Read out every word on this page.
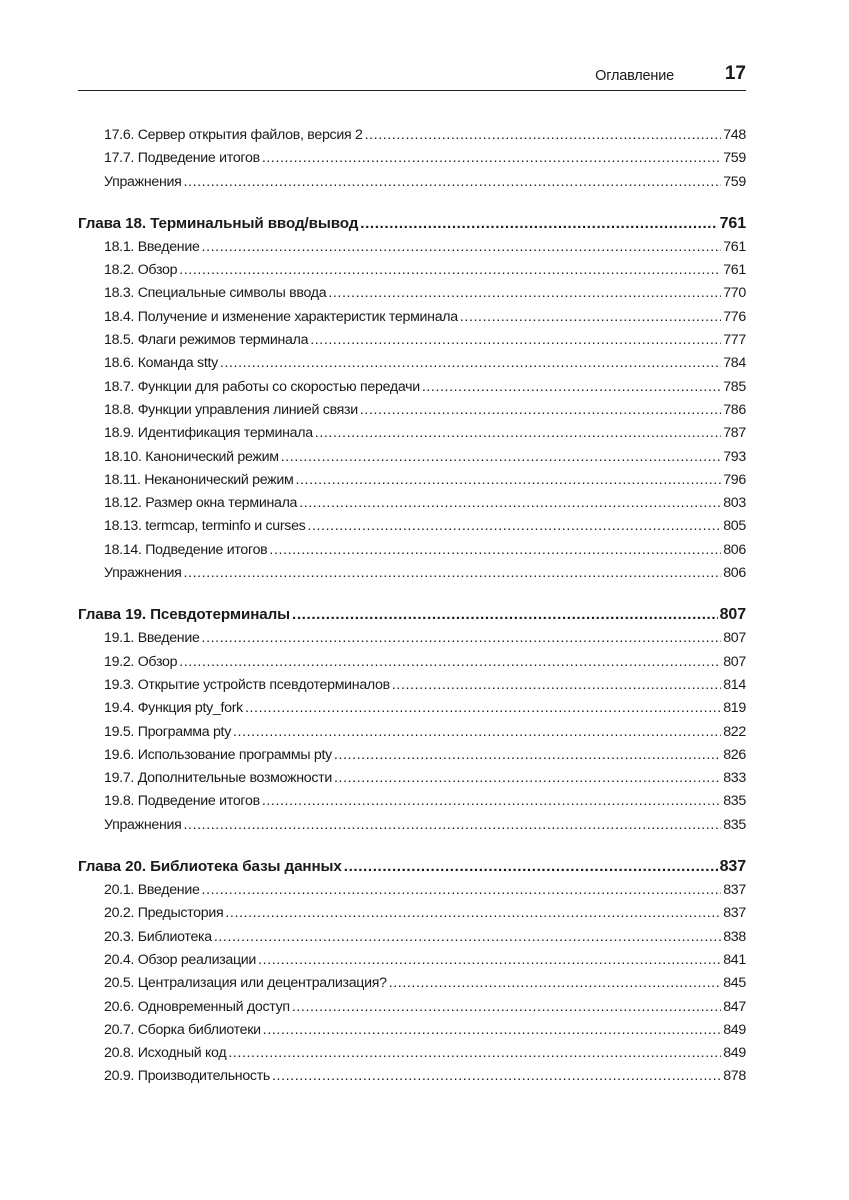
Оглавление	17
17.6. Сервер открытия файлов, версия 2 .....	748
17.7. Подведение итогов .....	759
Упражнения .....	759
Глава 18. Терминальный ввод/вывод .....	761
18.1. Введение .....	761
18.2. Обзор .....	761
18.3. Специальные символы ввода .....	770
18.4. Получение и изменение характеристик терминала .....	776
18.5. Флаги режимов терминала .....	777
18.6. Команда stty .....	784
18.7. Функции для работы со скоростью передачи .....	785
18.8. Функции управления линией связи .....	786
18.9. Идентификация терминала .....	787
18.10. Канонический режим .....	793
18.11. Неканонический режим .....	796
18.12. Размер окна терминала .....	803
18.13. termcap, terminfo и curses .....	805
18.14. Подведение итогов .....	806
Упражнения .....	806
Глава 19. Псевдотерминалы .....	807
19.1. Введение .....	807
19.2. Обзор .....	807
19.3. Открытие устройств псевдотерминалов .....	814
19.4. Функция pty_fork .....	819
19.5. Программа pty .....	822
19.6. Использование программы pty .....	826
19.7. Дополнительные возможности .....	833
19.8. Подведение итогов .....	835
Упражнения .....	835
Глава 20. Библиотека базы данных .....	837
20.1. Введение .....	837
20.2. Предыстория .....	837
20.3. Библиотека .....	838
20.4. Обзор реализации .....	841
20.5. Централизация или децентрализация? .....	845
20.6. Одновременный доступ .....	847
20.7. Сборка библиотеки .....	849
20.8. Исходный код .....	849
20.9. Производительность .....	878
